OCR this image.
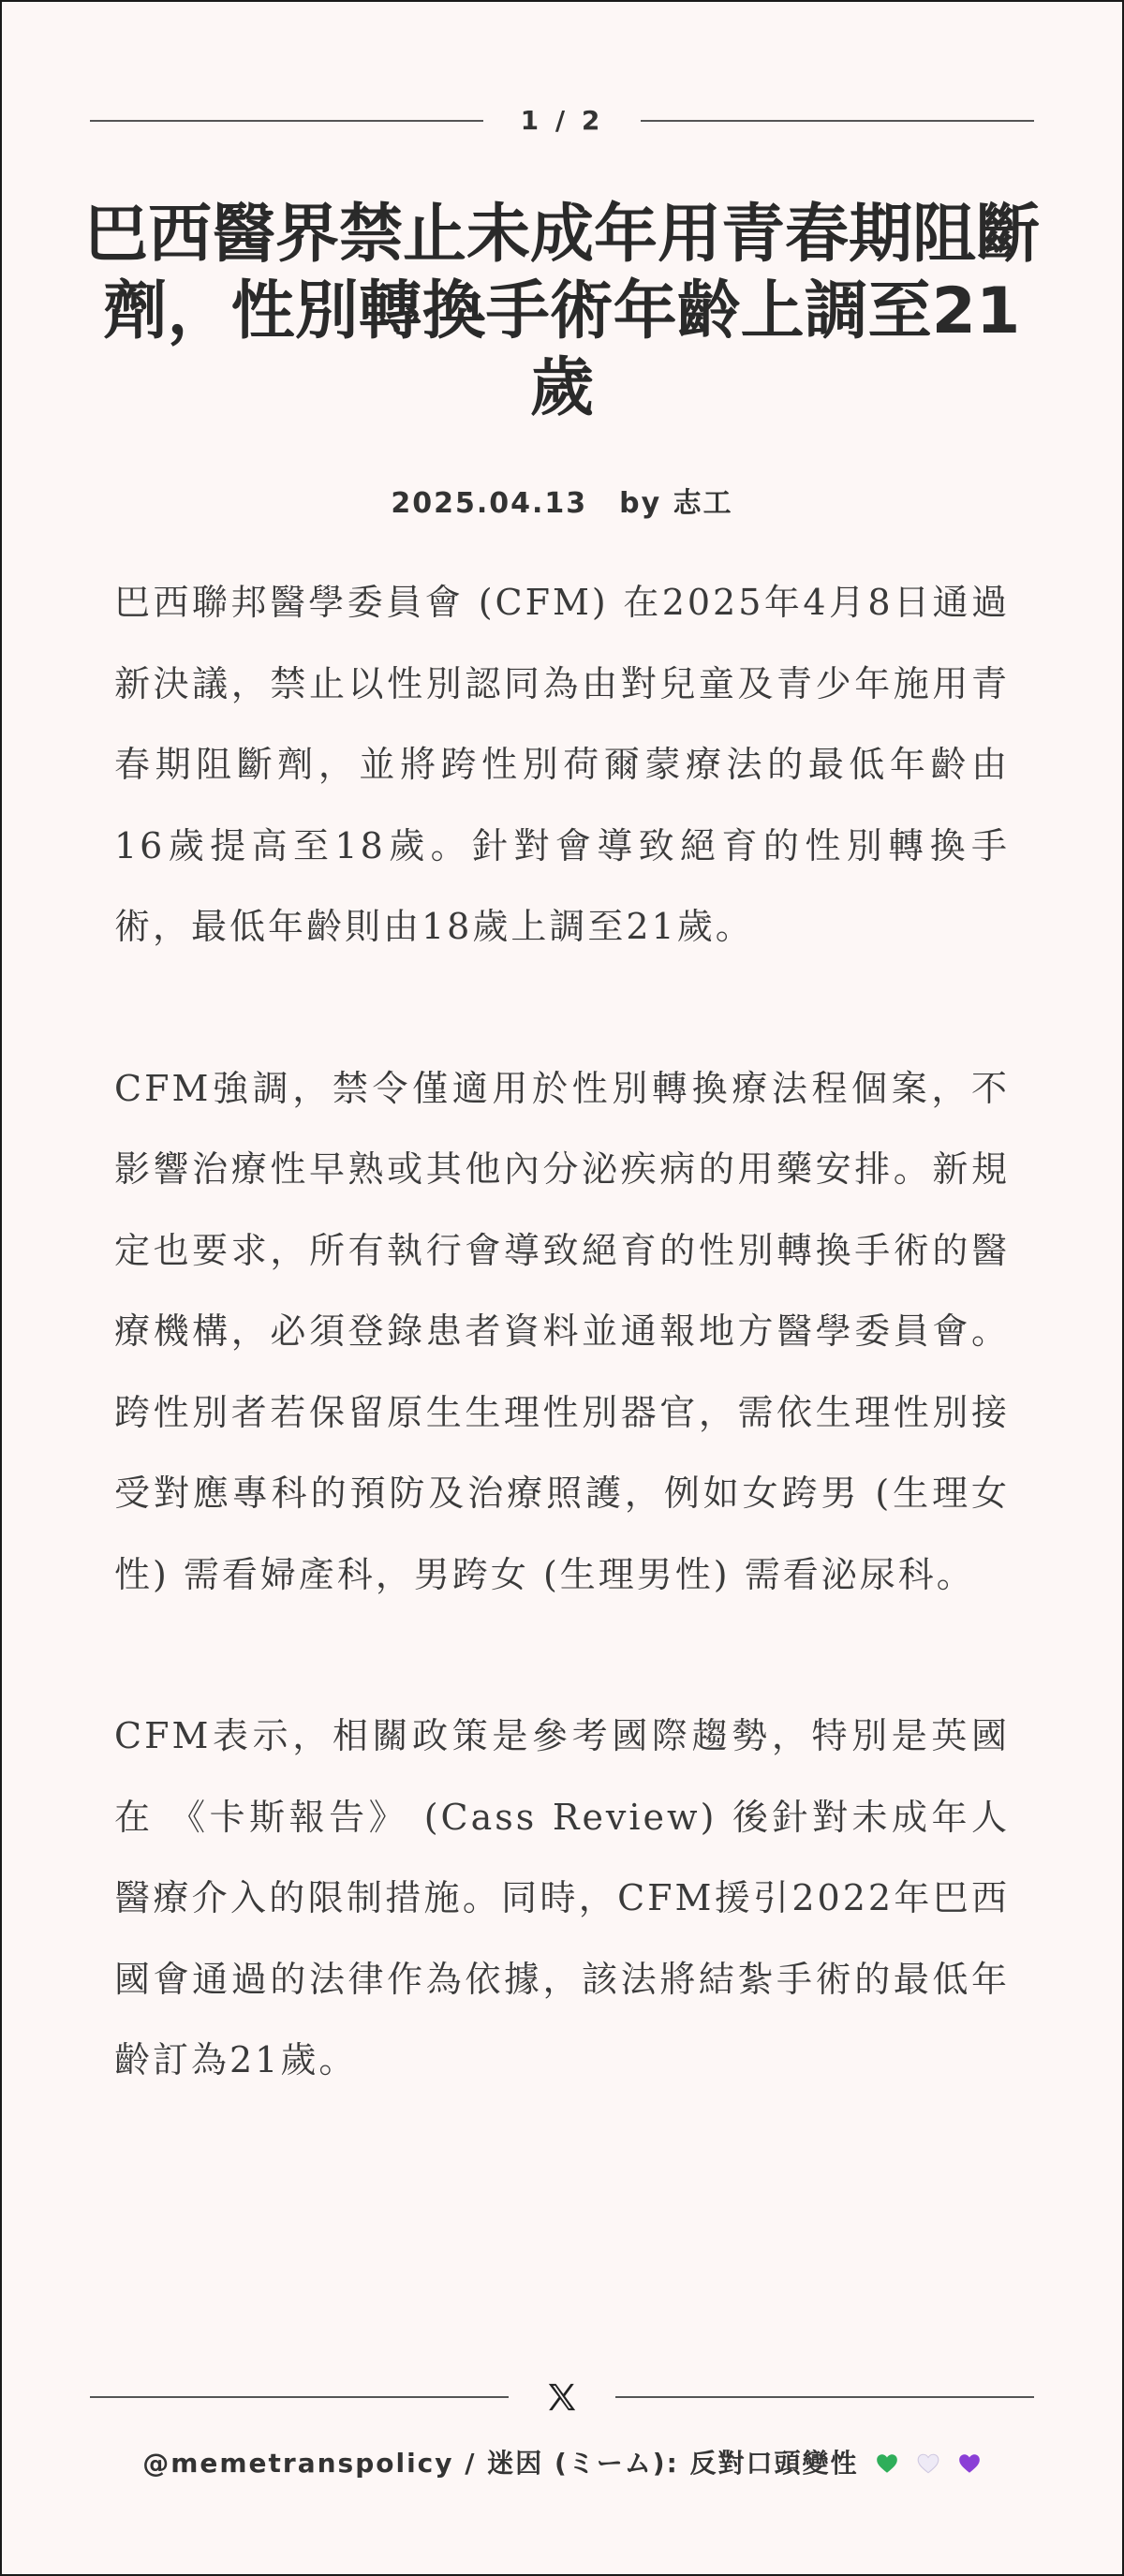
1 / 2
巴西醫界禁止未成年用青春期阻斷劑，性別轉換手術年齡上調至21歲
2025.04.13 by 志工

巴西聯邦醫學委員會 (CFM) 在2025年4月8日通過新決議，禁止以性別認同為由對兒童及青少年施用青春期阻斷劑，並將跨性別荷爾蒙療法的最低年齡由16歲提高至18歲。針對會導致絕育的性別轉換手術，最低年齡則由18歲上調至21歲。

CFM強調，禁令僅適用於性別轉換療法程個案，不影響治療性早熟或其他內分泌疾病的用藥安排。新規定也要求，所有執行會導致絕育的性別轉換手術的醫療機構，必須登錄患者資料並通報地方醫學委員會。跨性別者若保留原生生理性別器官，需依生理性別接受對應專科的預防及治療照護，例如女跨男 (生理女性) 需看婦產科，男跨女 (生理男性) 需看泌尿科。

CFM表示，相關政策是參考國際趨勢，特別是英國在 《卡斯報告》 (Cass Review) 後針對未成年人醫療介入的限制措施。同時，CFM援引2022年巴西國會通過的法律作為依據，該法將結紮手術的最低年齡訂為21歲。

@memetranspolicy / 迷因 (ミーム): 反對口頭變性
